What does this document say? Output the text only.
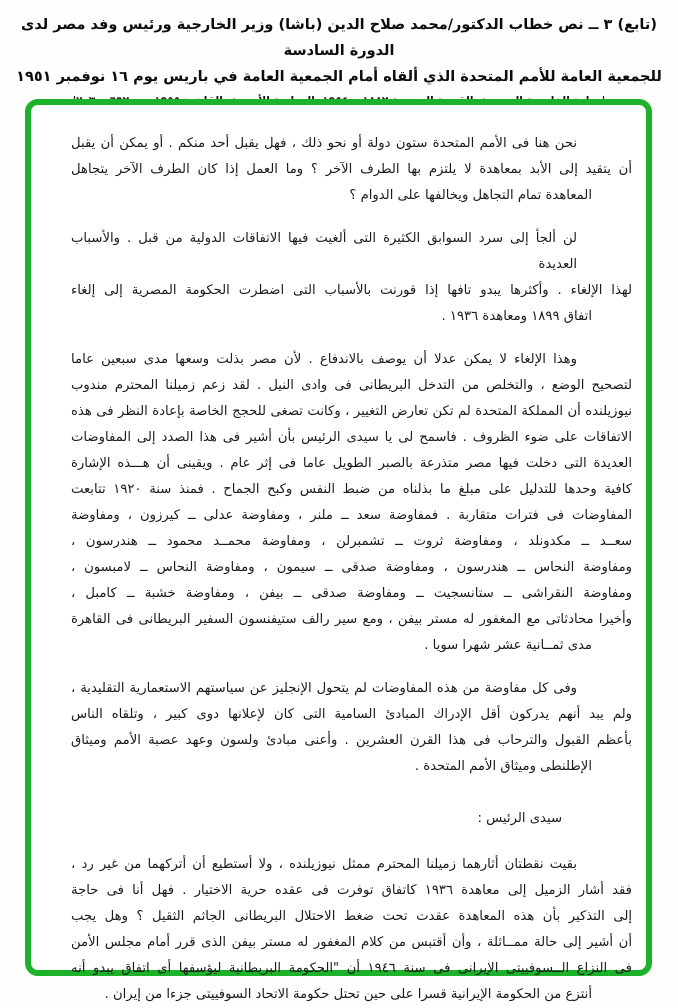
(تابع) ٣ ــ نص خطاب الدكتور/محمد صلاح الدين (باشا) وزير الخارجية ورئيس وفد مصر لدى الدورة السادسة
للجمعية العامة للأمم المتحدة الذي ألقاه أمام الجمعية العامة في باريس يوم ١٦ نوفمبر ١٩٥١
نحن هنا فى الأمم المتحدة ستون دولة أو نحو ذلك ، فهل يقبل أحد منكم . أو يمكن أن يقبل
أن يتقيد إلى الأبد بمعاهدة لا يلتزم بها الطرف الآخر ؟ وما العمل إذا كان الطرف الآخر يتجاهل
المعاهدة تمام التجاهل ويخالفها على الدوام ؟
لن ألجأ إلى سرد السوابق الكثيرة التى ألغيت فيها الاتفاقات الدولية من قبل . والأسباب العديدة
لهذا الإلغاء . وأكثرها يبدو تافها إذا قورنت بالأسباب التى اضطرت الحكومة المصرية إلى إلغاء
اتفاق ١٨٩٩ ومعاهدة ١٩٣٦ .
وهذا الإلغاء لا يمكن عدلا أن يوصف بالاندفاع . لأن مصر بذلت وسعها مدى سبعين عاما
لتصحيح الوضع ، والتخلص من التدخل البريطانى فى وادى النيل . لقد زعم زميلنا المحترم مندوب
نيوزيلنده أن المملكة المتحدة لم تكن تعارض التغيير ، وكانت تصغى للحجج الخاصة بإعادة النظر فى هذه
الاتفاقات على ضوء الظروف . فاسمح لى يا سيدى الرئيس بأن أشير فى هذا الصدد إلى المفاوضات
العديدة التى دخلت فيها مصر متذرعة بالصبر الطويل عاما فى إثر عام . ويقينى أن هـــذه الإشارة
كافية وحدها للتدليل على مبلغ ما بذلناه من ضبط النفس وكبح الجماح . فمنذ سنة ١٩٢٠ تتابعت
المفاوضات فى فترات متقاربة . فمفاوضة سعد ــ ملنر ، ومفاوضة عدلى ــ كيرزون ، ومفاوضة
سعــد ــ مكدونلد ، ومفاوضة ثروت ــ تشمبرلن ، ومفاوضة محمــد محمود ــ هندرسون ،
ومفاوضة النحاس ــ هندرسون ، ومفاوضة صدقى ــ سيمون ، ومفاوضة النحاس ــ لامبسون ،
ومفاوضة النقراشى ــ ستانسجيت ــ ومفاوضة صدقى ــ بيفن ، ومفاوضة خشبة ــ كامبل ،
وأخيرا محادثاتى مع المغفور له مستر بيفن ، ومع سير رالف ستيفنسون السفير البريطانى فى القاهرة
مدى ثمــانية عشر شهرا سويا .
وفى كل مفاوضة من هذه المفاوضات لم يتحول الإنجليز عن سياستهم الاستعمارية التقليدية ،
ولم يبد أنهم يدركون أقل الإدراك المبادئ السامية التى كان لإعلانها دوى كبير ، وتلقاه الناس
بأعظم القبول والترحاب فى هذا القرن العشرين . وأعنى مبادئ ولسون وعهد عصبة الأمم وميثاق
الإطلنطى وميثاق الأمم المتحدة .
سيدى الرئيس :
بقيت نقطتان أثارهما زميلنا المحترم ممثل نيوزيلنده ، ولا أستطيع أن أتركهما من غير رد ،
فقد أشار الزميل إلى معاهدة ١٩٣٦ كاتفاق توفرت فى عقده حرية الاختيار . فهل أنا فى حاجة
إلى التذكير بأن هذه المعاهدة عقدت تحت ضغط الاحتلال البريطانى الجاثم الثقيل ؟ وهل يجب
أن أشير إلى حالة ممــاثلة ، وأن أقتبس من كلام المغفور له مستر بيفن الذى قرر أمام مجلس الأمن
فى النزاع الــسوفييتى الإيرانى فى سنة ١٩٤٦ أن "الحكومة البريطانية ليؤسفها أى اتفاق يبدو أنه
أنتزع من الحكومة الإيرانية قسرا على حين تحتل حكومة الاتحاد السوفييتى جزءا من إيران .
